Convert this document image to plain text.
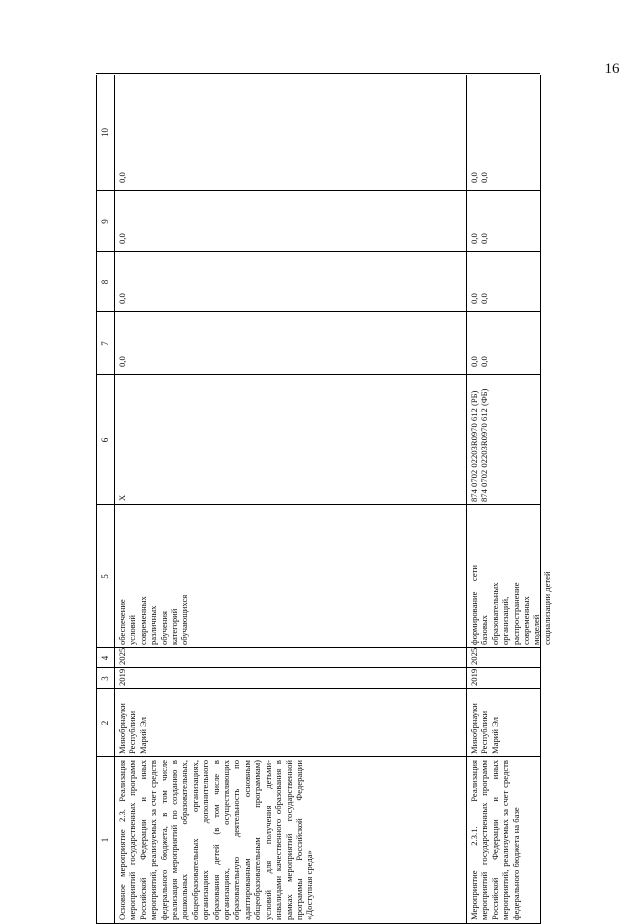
16
1
2
3
4
5
6
7
8
9
10
Основное мероприятие 2.3. Реализация мероприятий государственных программ Российской Федерации и иных мероприятий, реализуемых за счет средств федерального бюджета, в том числе реализация мероприятий по созданию в дошкольных образовательных, общеобразовательных организациях, организациях дополнительного образования детей (в том числе в организациях, осуществляющих образовательную деятельность по адаптированным основным общеобразовательным программам) условий для получения детьми-инвалидами качественного образования в рамках мероприятий государственной программы Российской Федерации «Доступная среда»
Минобрнауки Республики Марий Эл
2019
2025
обеспечение условий современных различных обучения категорий обучающихся
Х
0,0
0,0
0,0
0,0
Мероприятие 2.3.1. Реализация мероприятий государственных программ Российской Федерации и иных мероприятий, реализуемых за счет средств федерального бюджета на базе
Минобрнауки Республики Марий Эл
2019
2025
формирование сети базовых образовательных организаций, распространение современных моделей социализации детей
874 0702 02203R0970 612 (РБ) 874 0702 02203R0970 612 (ФБ)
0,0 0,0
0,0 0,0
0,0 0,0
0,0 0,0
